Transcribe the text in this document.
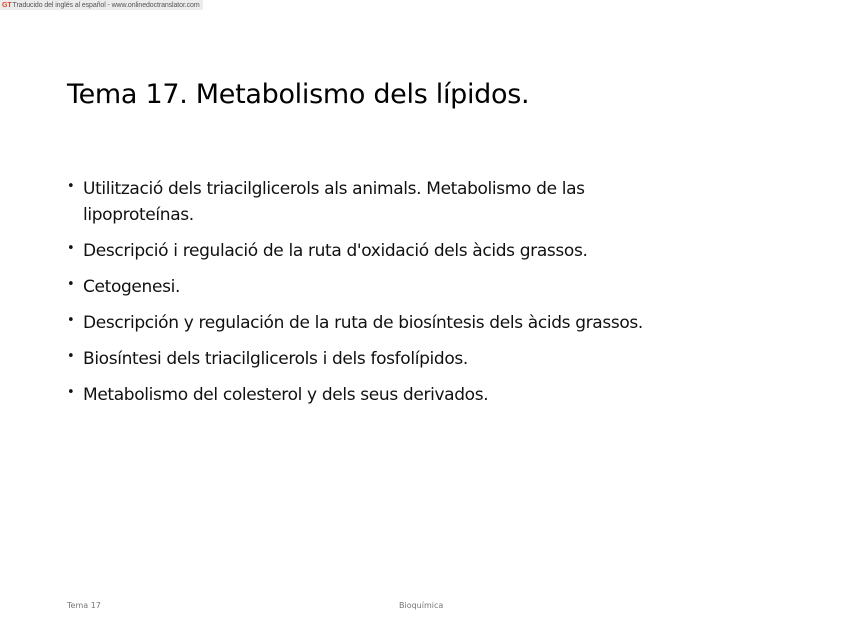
GT Traducido del inglés al español - www.onlinedoctranslator.com
Tema 17. Metabolismo dels lípidos.
• Utilització dels triacilglicerols als animals. Metabolismo de las lipoproteínas.
• Descripció i regulació de la ruta d'oxidació dels àcids grassos.
• Cetogenesi.
• Descripción y regulación de la ruta de biosíntesis dels àcids grassos.
• Biosíntesi dels triacilglicerols i dels fosfolípidos.
• Metabolismo del colesterol y dels seus derivados.
Tema 17	Bioquímica
